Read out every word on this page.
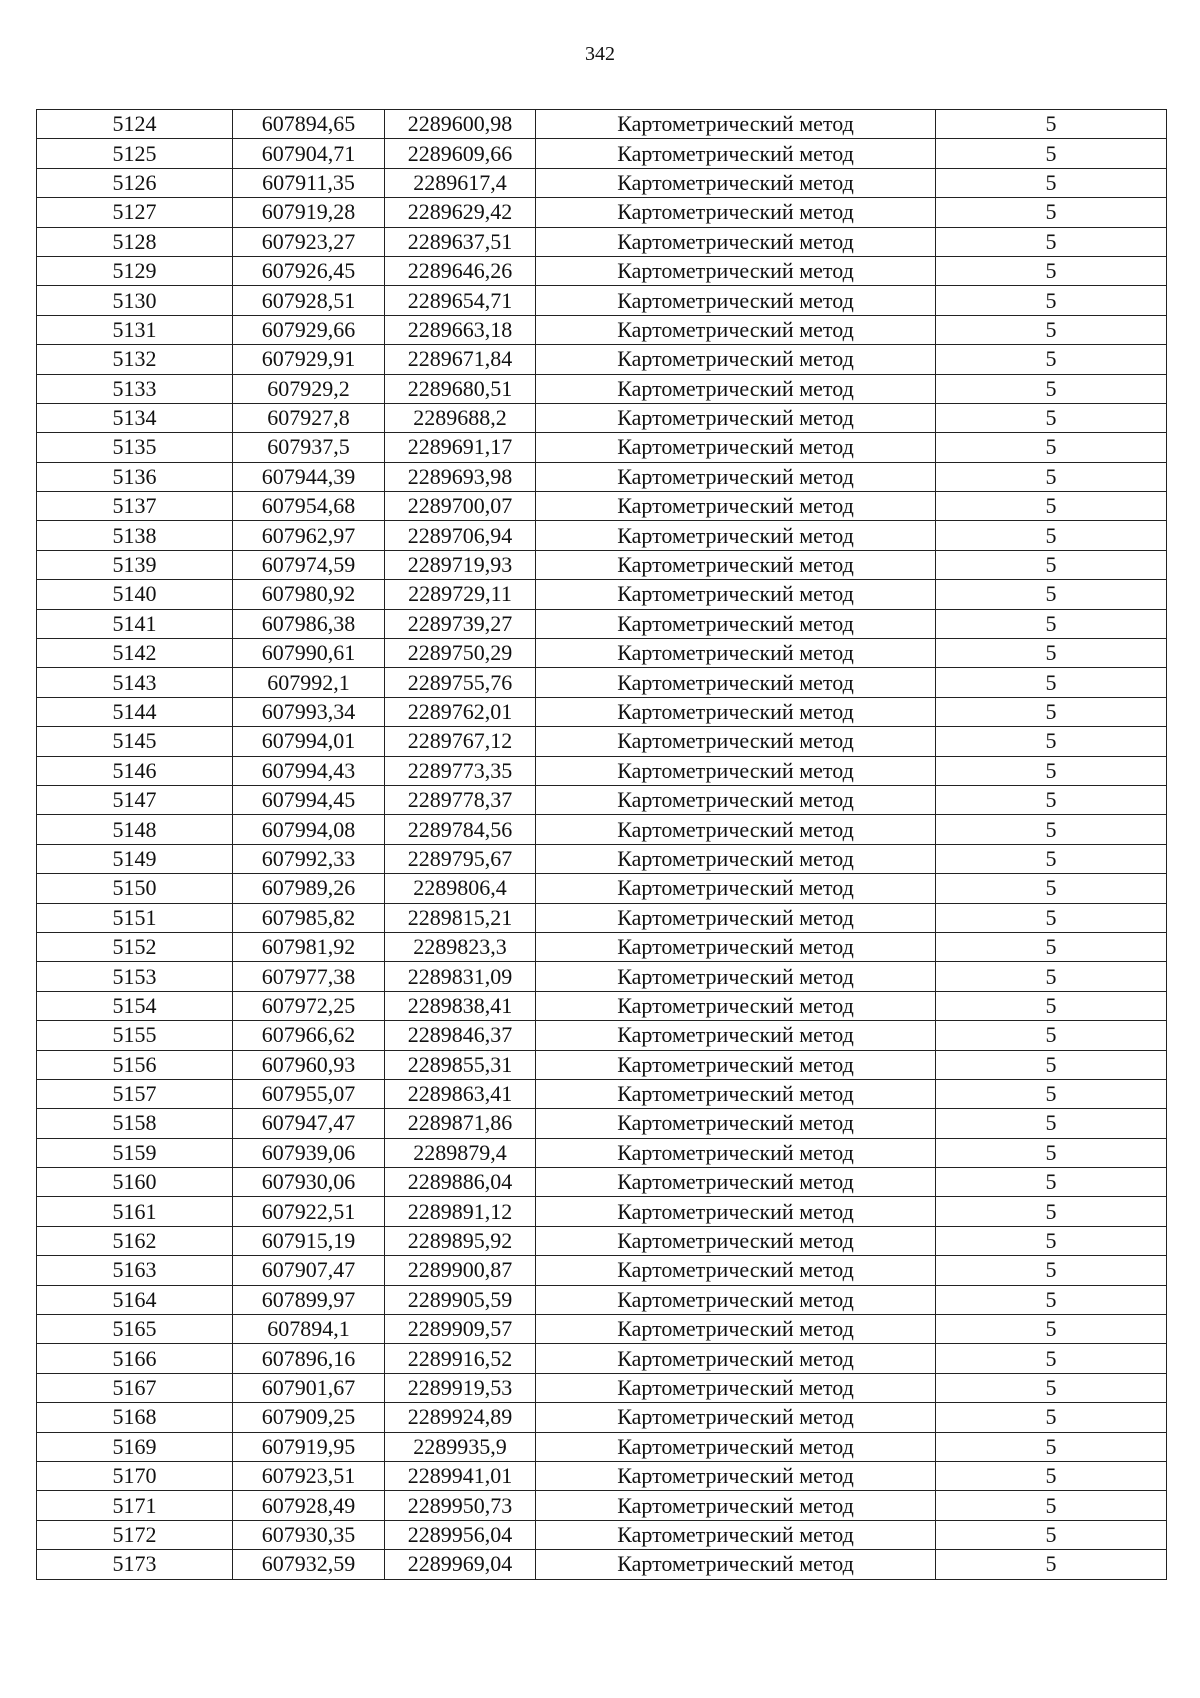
342
5124	607894,65	2289600,98	Картометрический метод	5
5125	607904,71	2289609,66	Картометрический метод	5
5126	607911,35	2289617,4	Картометрический метод	5
5127	607919,28	2289629,42	Картометрический метод	5
5128	607923,27	2289637,51	Картометрический метод	5
5129	607926,45	2289646,26	Картометрический метод	5
5130	607928,51	2289654,71	Картометрический метод	5
5131	607929,66	2289663,18	Картометрический метод	5
5132	607929,91	2289671,84	Картометрический метод	5
5133	607929,2	2289680,51	Картометрический метод	5
5134	607927,8	2289688,2	Картометрический метод	5
5135	607937,5	2289691,17	Картометрический метод	5
5136	607944,39	2289693,98	Картометрический метод	5
5137	607954,68	2289700,07	Картометрический метод	5
5138	607962,97	2289706,94	Картометрический метод	5
5139	607974,59	2289719,93	Картометрический метод	5
5140	607980,92	2289729,11	Картометрический метод	5
5141	607986,38	2289739,27	Картометрический метод	5
5142	607990,61	2289750,29	Картометрический метод	5
5143	607992,1	2289755,76	Картометрический метод	5
5144	607993,34	2289762,01	Картометрический метод	5
5145	607994,01	2289767,12	Картометрический метод	5
5146	607994,43	2289773,35	Картометрический метод	5
5147	607994,45	2289778,37	Картометрический метод	5
5148	607994,08	2289784,56	Картометрический метод	5
5149	607992,33	2289795,67	Картометрический метод	5
5150	607989,26	2289806,4	Картометрический метод	5
5151	607985,82	2289815,21	Картометрический метод	5
5152	607981,92	2289823,3	Картометрический метод	5
5153	607977,38	2289831,09	Картометрический метод	5
5154	607972,25	2289838,41	Картометрический метод	5
5155	607966,62	2289846,37	Картометрический метод	5
5156	607960,93	2289855,31	Картометрический метод	5
5157	607955,07	2289863,41	Картометрический метод	5
5158	607947,47	2289871,86	Картометрический метод	5
5159	607939,06	2289879,4	Картометрический метод	5
5160	607930,06	2289886,04	Картометрический метод	5
5161	607922,51	2289891,12	Картометрический метод	5
5162	607915,19	2289895,92	Картометрический метод	5
5163	607907,47	2289900,87	Картометрический метод	5
5164	607899,97	2289905,59	Картометрический метод	5
5165	607894,1	2289909,57	Картометрический метод	5
5166	607896,16	2289916,52	Картометрический метод	5
5167	607901,67	2289919,53	Картометрический метод	5
5168	607909,25	2289924,89	Картометрический метод	5
5169	607919,95	2289935,9	Картометрический метод	5
5170	607923,51	2289941,01	Картометрический метод	5
5171	607928,49	2289950,73	Картометрический метод	5
5172	607930,35	2289956,04	Картометрический метод	5
5173	607932,59	2289969,04	Картометрический метод	5
